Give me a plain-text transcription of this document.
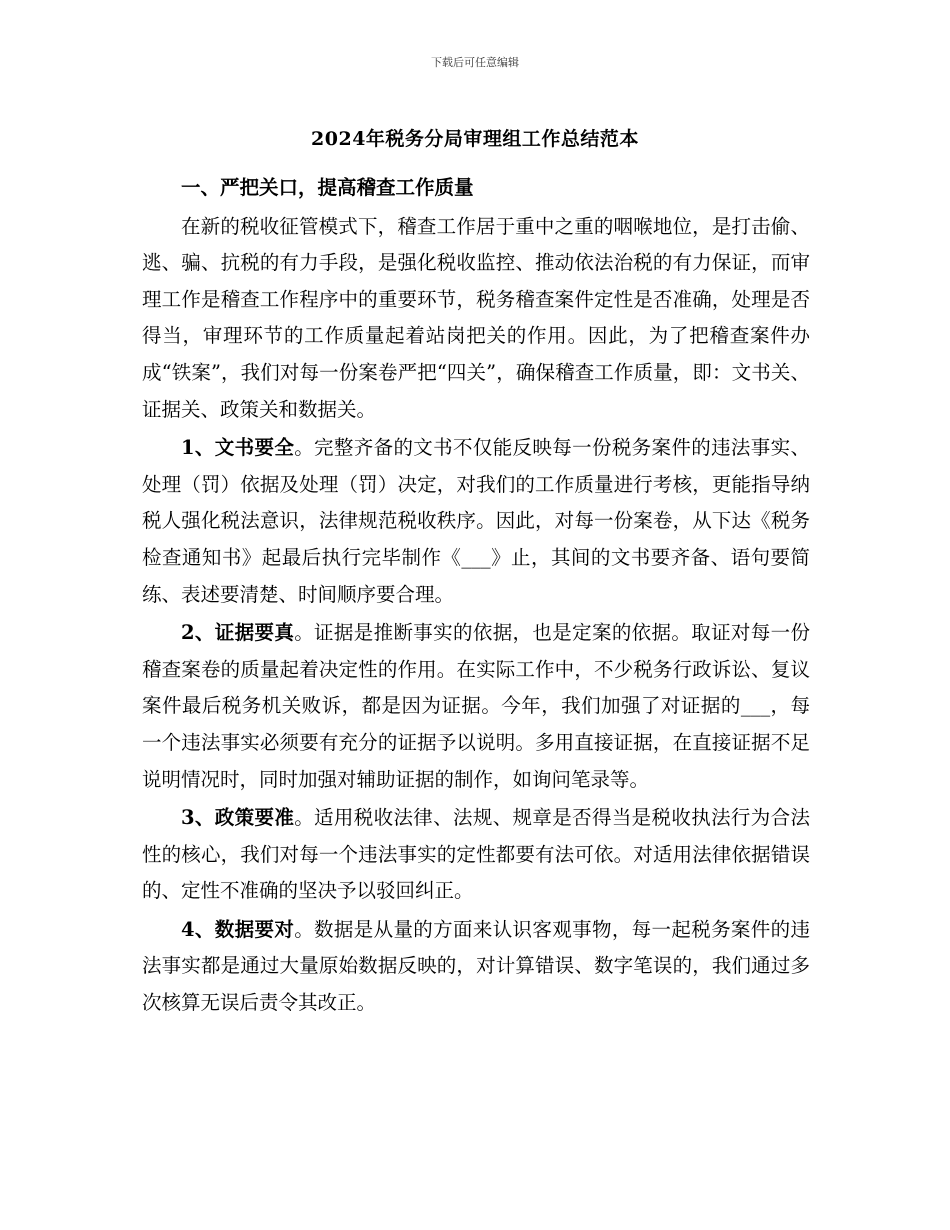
下载后可任意编辑
2024年税务分局审理组工作总结范本

一、严把关口，提高稽查工作质量

在新的税收征管模式下，稽查工作居于重中之重的咽喉地位，是打击偷、逃、骗、抗税的有力手段，是强化税收监控、推动依法治税的有力保证，而审理工作是稽查工作程序中的重要环节，税务稽查案件定性是否准确，处理是否得当，审理环节的工作质量起着站岗把关的作用。因此，为了把稽查案件办成“铁案”，我们对每一份案卷严把“四关”，确保稽查工作质量，即：文书关、证据关、政策关和数据关。

1、文书要全。完整齐备的文书不仅能反映每一份税务案件的违法事实、处理（罚）依据及处理（罚）决定，对我们的工作质量进行考核，更能指导纳税人强化税法意识，法律规范税收秩序。因此，对每一份案卷，从下达《税务检查通知书》起最后执行完毕制作《___》止，其间的文书要齐备、语句要简练、表述要清楚、时间顺序要合理。

2、证据要真。证据是推断事实的依据，也是定案的依据。取证对每一份稽查案卷的质量起着决定性的作用。在实际工作中，不少税务行政诉讼、复议案件最后税务机关败诉，都是因为证据。今年，我们加强了对证据的___，每一个违法事实必须要有充分的证据予以说明。多用直接证据，在直接证据不足说明情况时，同时加强对辅助证据的制作，如询问笔录等。

3、政策要准。适用税收法律、法规、规章是否得当是税收执法行为合法性的核心，我们对每一个违法事实的定性都要有法可依。对适用法律依据错误的、定性不准确的坚决予以驳回纠正。

4、数据要对。数据是从量的方面来认识客观事物，每一起税务案件的违法事实都是通过大量原始数据反映的，对计算错误、数字笔误的，我们通过多次核算无误后责令其改正。
